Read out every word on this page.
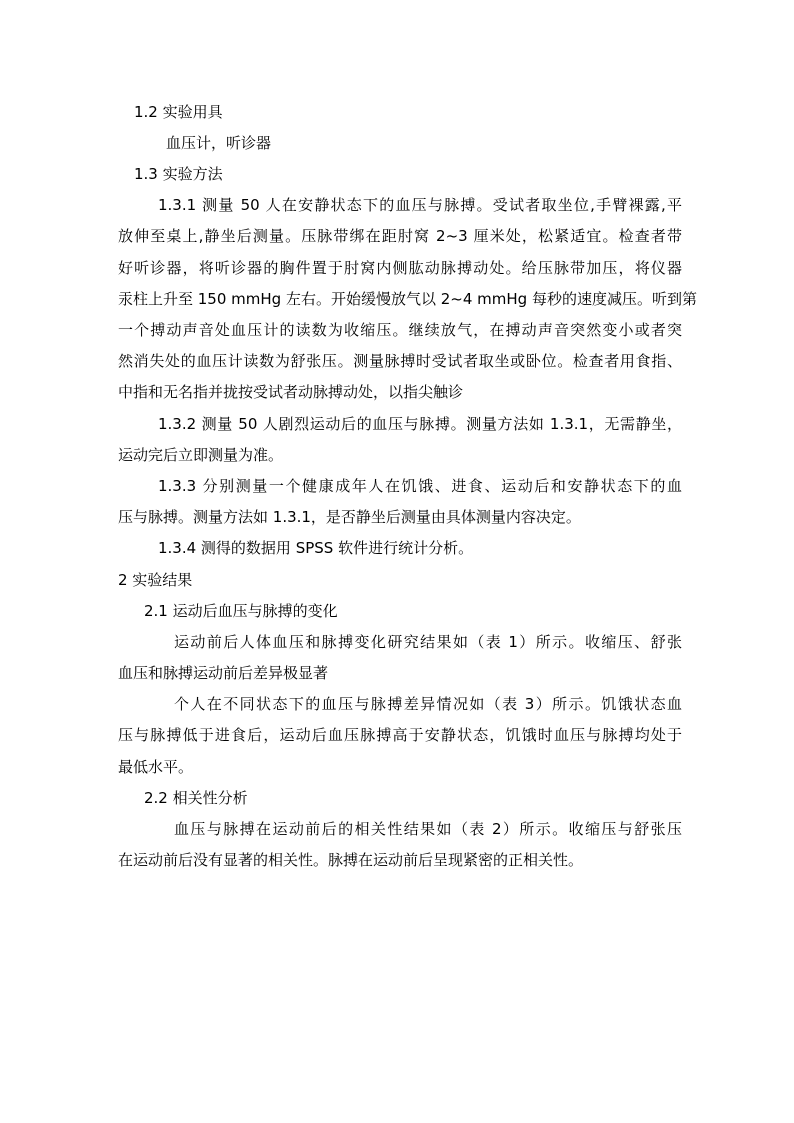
1.2 实验用具

血压计，听诊器

1.3 实验方法

1.3.1 测量 50 人在安静状态下的血压与脉搏。受试者取坐位,手臂裸露,平

放伸至桌上,静坐后测量。压脉带绑在距肘窝 2~3 厘米处，松紧适宜。检查者带

好听诊器，将听诊器的胸件置于肘窝内侧肱动脉搏动处。给压脉带加压，将仪器

汞柱上升至 150 mmHg 左右。开始缓慢放气以 2~4 mmHg 每秒的速度减压。听到第

一个搏动声音处血压计的读数为收缩压。继续放气，在搏动声音突然变小或者突

然消失处的血压计读数为舒张压。测量脉搏时受试者取坐或卧位。检查者用食指、

中指和无名指并拢按受试者动脉搏动处，以指尖触诊

1.3.2 测量 50 人剧烈运动后的血压与脉搏。测量方法如 1.3.1，无需静坐，

运动完后立即测量为准。

1.3.3 分别测量一个健康成年人在饥饿、进食、运动后和安静状态下的血

压与脉搏。测量方法如 1.3.1，是否静坐后测量由具体测量内容决定。

1.3.4 测得的数据用 SPSS 软件进行统计分析。

2 实验结果
2.1 运动后血压与脉搏的变化

运动前后人体血压和脉搏变化研究结果如（表 1）所示。收缩压、舒张

血压和脉搏运动前后差异极显著

个人在不同状态下的血压与脉搏差异情况如（表 3）所示。饥饿状态血

压与脉搏低于进食后，运动后血压脉搏高于安静状态，饥饿时血压与脉搏均处于

最低水平。

2.2 相关性分析

血压与脉搏在运动前后的相关性结果如（表 2）所示。收缩压与舒张压

在运动前后没有显著的相关性。脉搏在运动前后呈现紧密的正相关性。
